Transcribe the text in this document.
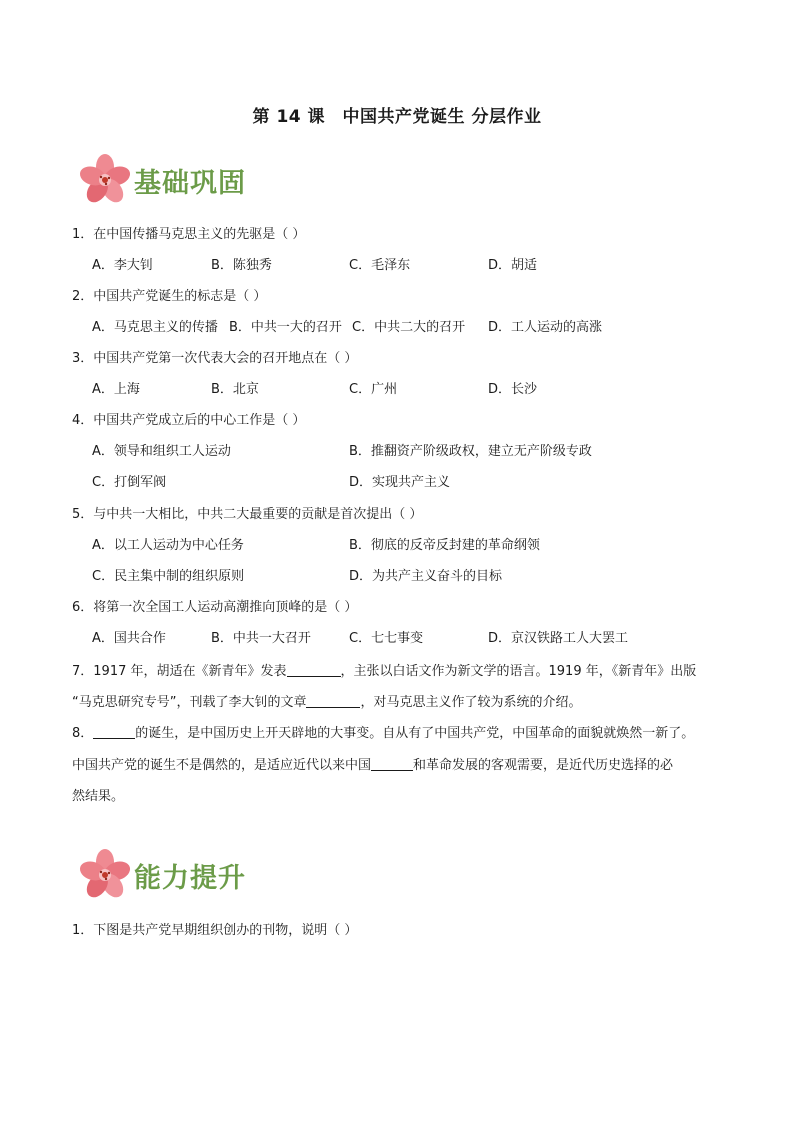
第 14 课　中国共产党诞生 分层作业
基础巩固
1．在中国传播马克思主义的先驱是（ ）
A．李大钊	B．陈独秀	C．毛泽东	D．胡适
2．中国共产党诞生的标志是（ ）
A．马克思主义的传播 B．中共一大的召开 C．中共二大的召开 D．工人运动的高涨
3．中国共产党第一次代表大会的召开地点在（ ）
A．上海	B．北京	C．广州	D．长沙
4．中国共产党成立后的中心工作是（ ）
A．领导和组织工人运动	B．推翻资产阶级政权，建立无产阶级专政
C．打倒军阀	D．实现共产主义
5．与中共一大相比，中共二大最重要的贡献是首次提出（ ）
A．以工人运动为中心任务	B．彻底的反帝反封建的革命纲领
C．民主集中制的组织原则	D．为共产主义奋斗的目标
6．将第一次全国工人运动高潮推向顶峰的是（ ）
A．国共合作	B．中共一大召开	C．七七事变	D．京汉铁路工人大罢工
7．1917 年，胡适在《新青年》发表	，主张以白话文作为新文学的语言。1919 年，《新青年》出版
“马克思研究专号”，刊载了李大钊的文章	，对马克思主义作了较为系统的介绍。
8．	的诞生，是中国历史上开天辟地的大事变。自从有了中国共产党，中国革命的面貌就焕然一新了。
中国共产党的诞生不是偶然的，是适应近代以来中国	和革命发展的客观需要，是近代历史选择的必
然结果。
能力提升
1．下图是共产党早期组织创办的刊物，说明（ ）
